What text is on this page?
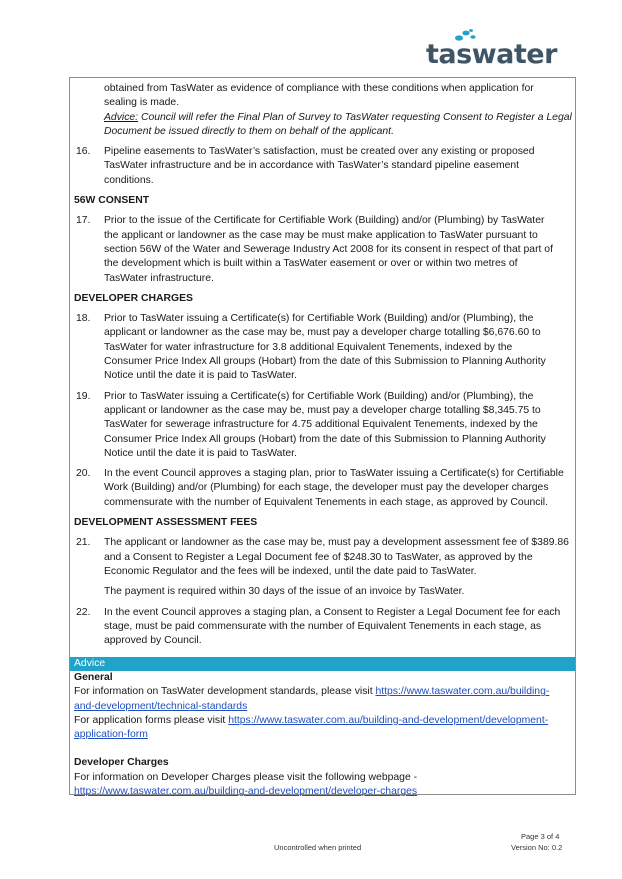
taswater

obtained from TasWater as evidence of compliance with these conditions when application for

sealing is made.

Advice: Council will refer the Final Plan of Survey to TasWater requesting Consent to Register a Legal

Document be issued directly to them on behalf of the applicant.

16. Pipeline easements to TasWater’s satisfaction, must be created over any existing or proposed

TasWater infrastructure and be in accordance with TasWater’s standard pipeline easement

conditions.

56W CONSENT

17. Prior to the issue of the Certificate for Certifiable Work (Building) and/or (Plumbing) by TasWater

the applicant or landowner as the case may be must make application to TasWater pursuant to

section 56W of the Water and Sewerage Industry Act 2008 for its consent in respect of that part of

the development which is built within a TasWater easement or over or within two metres of

TasWater infrastructure.

DEVELOPER CHARGES

18. Prior to TasWater issuing a Certificate(s) for Certifiable Work (Building) and/or (Plumbing), the

applicant or landowner as the case may be, must pay a developer charge totalling $6,676.60 to

TasWater for water infrastructure for 3.8 additional Equivalent Tenements, indexed by the

Consumer Price Index All groups (Hobart) from the date of this Submission to Planning Authority

Notice until the date it is paid to TasWater.

19. Prior to TasWater issuing a Certificate(s) for Certifiable Work (Building) and/or (Plumbing), the

applicant or landowner as the case may be, must pay a developer charge totalling $8,345.75 to

TasWater for sewerage infrastructure for 4.75 additional Equivalent Tenements, indexed by the

Consumer Price Index All groups (Hobart) from the date of this Submission to Planning Authority

Notice until the date it is paid to TasWater.

20. In the event Council approves a staging plan, prior to TasWater issuing a Certificate(s) for Certifiable

Work (Building) and/or (Plumbing) for each stage, the developer must pay the developer charges

commensurate with the number of Equivalent Tenements in each stage, as approved by Council.

DEVELOPMENT ASSESSMENT FEES

21. The applicant or landowner as the case may be, must pay a development assessment fee of $389.86

and a Consent to Register a Legal Document fee of $248.30 to TasWater, as approved by the

Economic Regulator and the fees will be indexed, until the date paid to TasWater.

The payment is required within 30 days of the issue of an invoice by TasWater.
22. In the event Council approves a staging plan, a Consent to Register a Legal Document fee for each

stage, must be paid commensurate with the number of Equivalent Tenements in each stage, as

approved by Council.

Advice

General

For information on TasWater development standards, please visit https://www.taswater.com.au/building-

and-development/technical-standards

For application forms please visit https://www.taswater.com.au/building-and-development/development-

application-form

Developer Charges

For information on Developer Charges please visit the following webpage -

https://www.taswater.com.au/building-and-development/developer-charges

Page 3 of 4
Uncontrolled when printed	Version No: 0.2
